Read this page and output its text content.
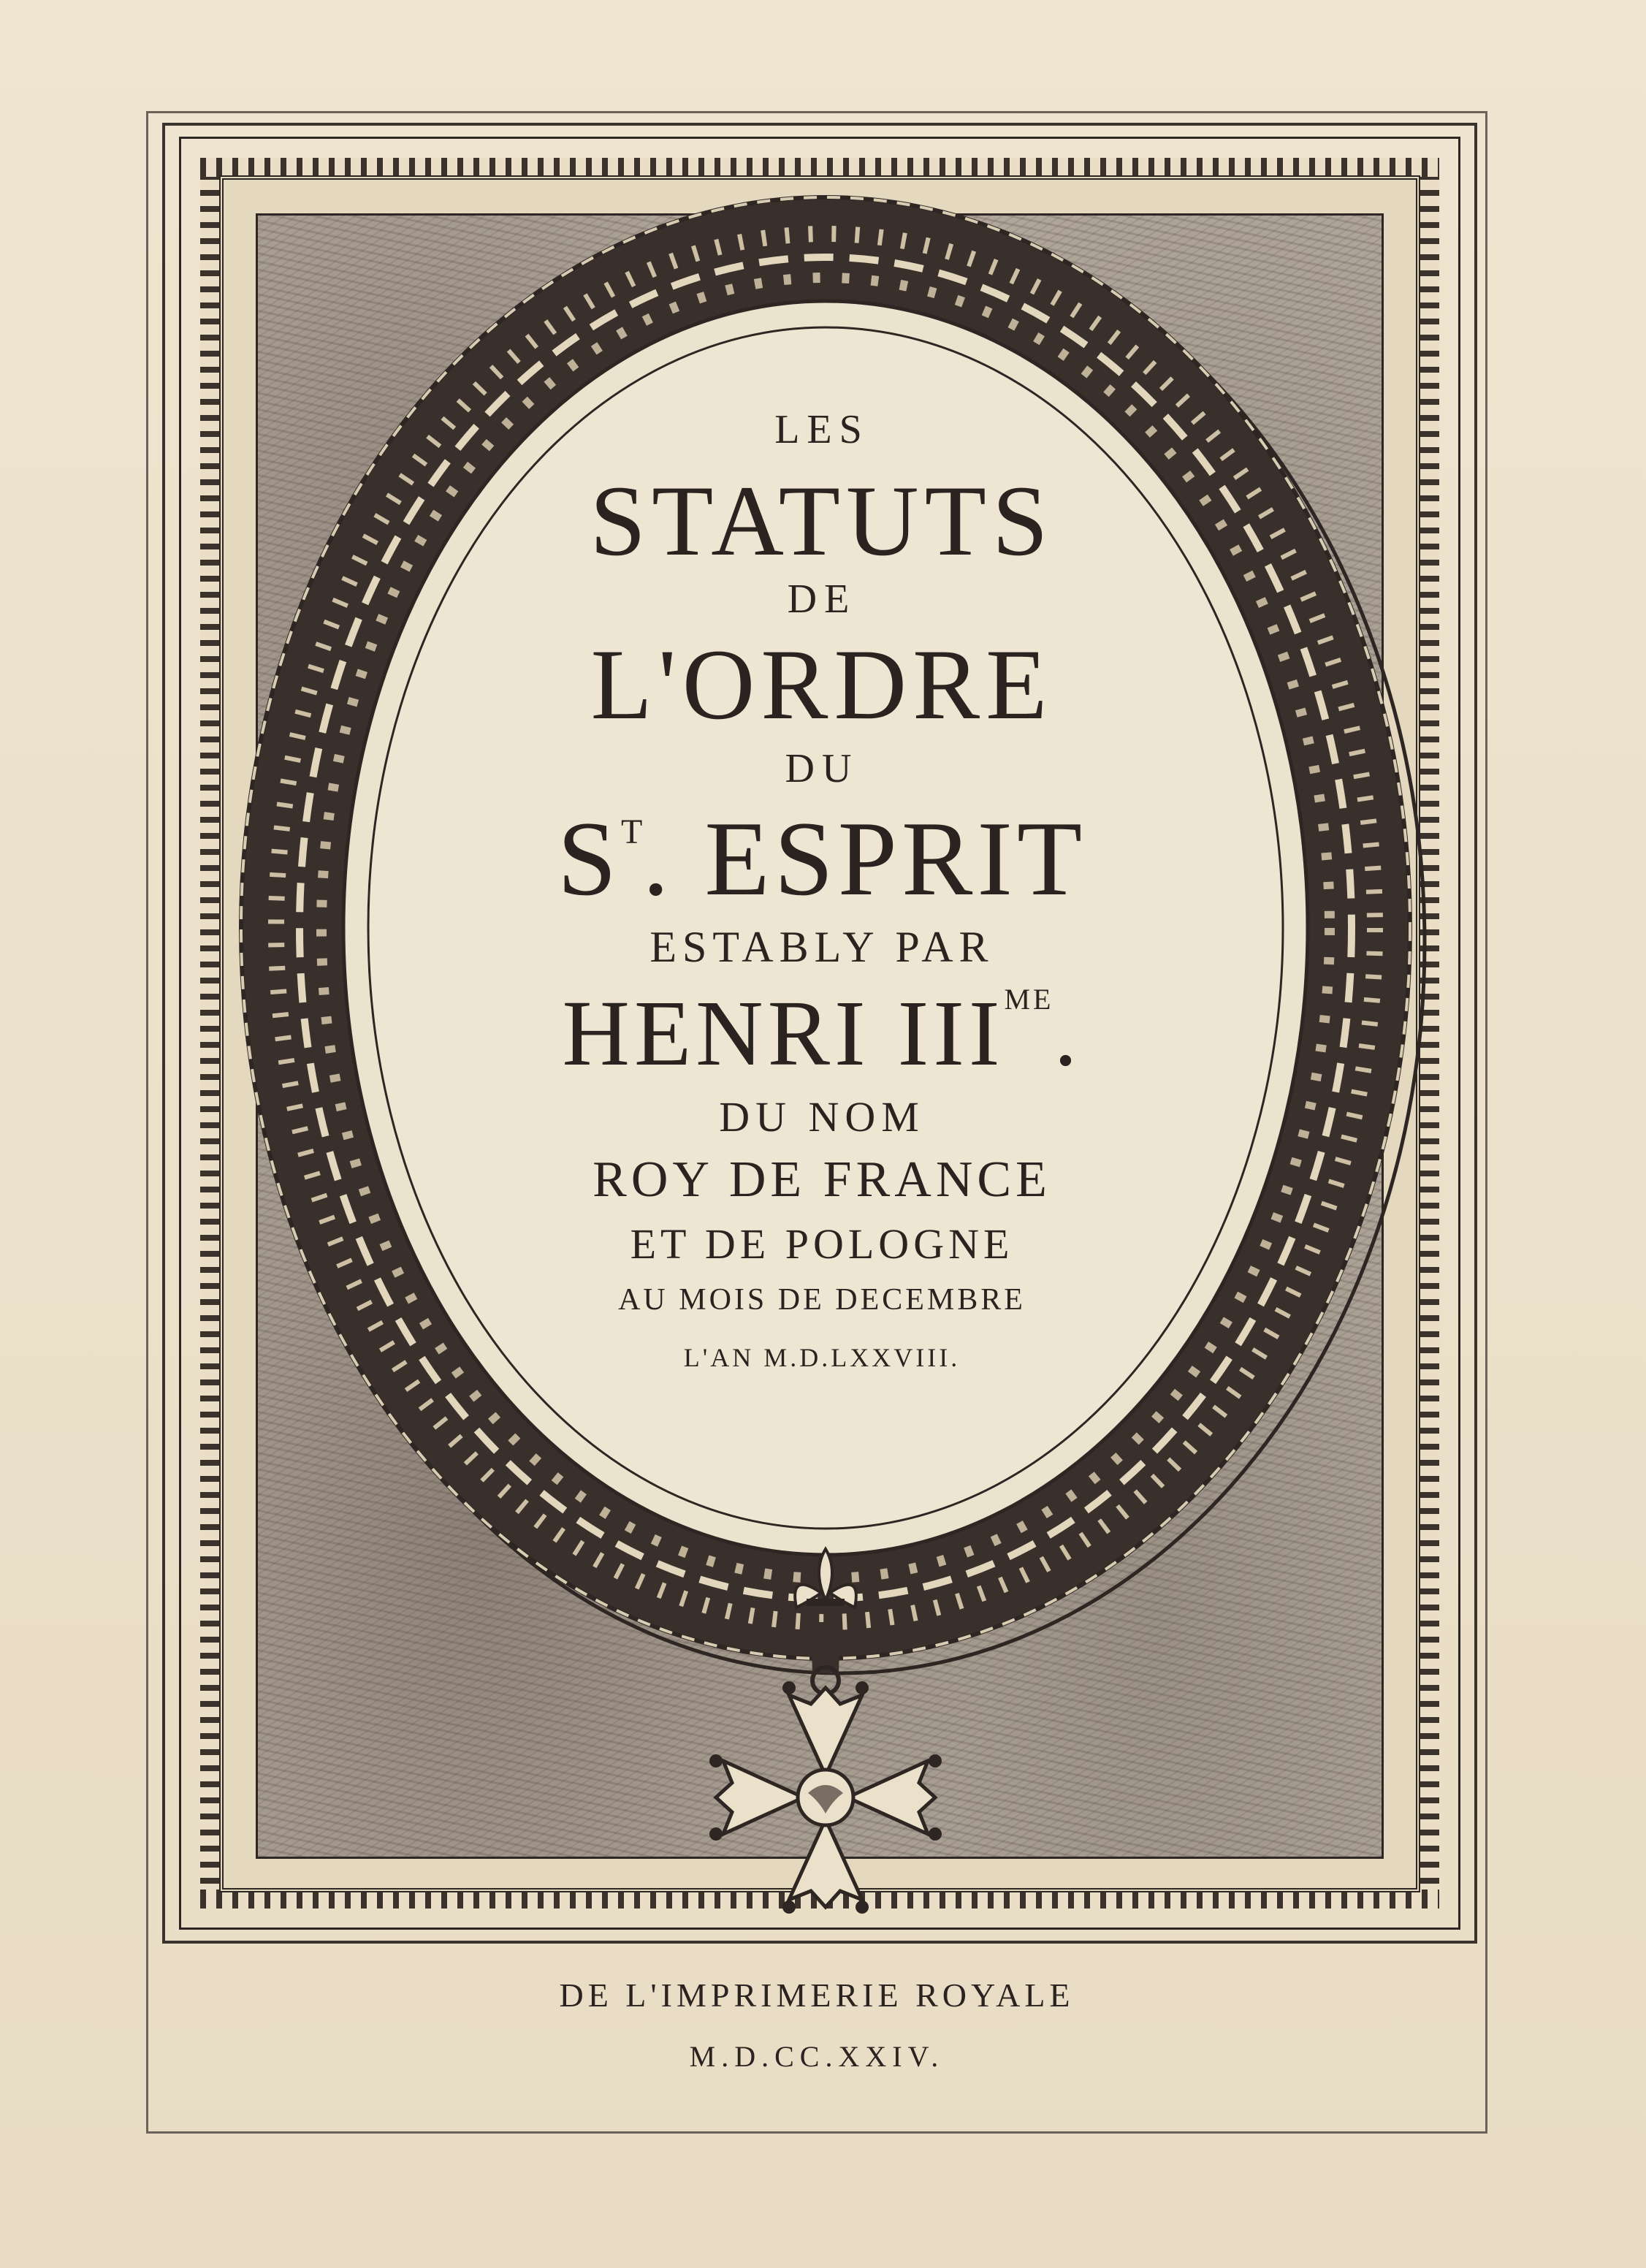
LES
STATUTS
DE
L'ORDRE
DU
$S^T$. ESPRIT
ESTABLY PAR
HENRI $III^{ME}$.
DU NOM
ROY DE FRANCE
ET DE POLOGNE
AU MOIS DE DECEMBRE
L'AN M.D.LXXVIII.
DE L'IMPRIMERIE ROYALE
M.D.CC.XXIV.
